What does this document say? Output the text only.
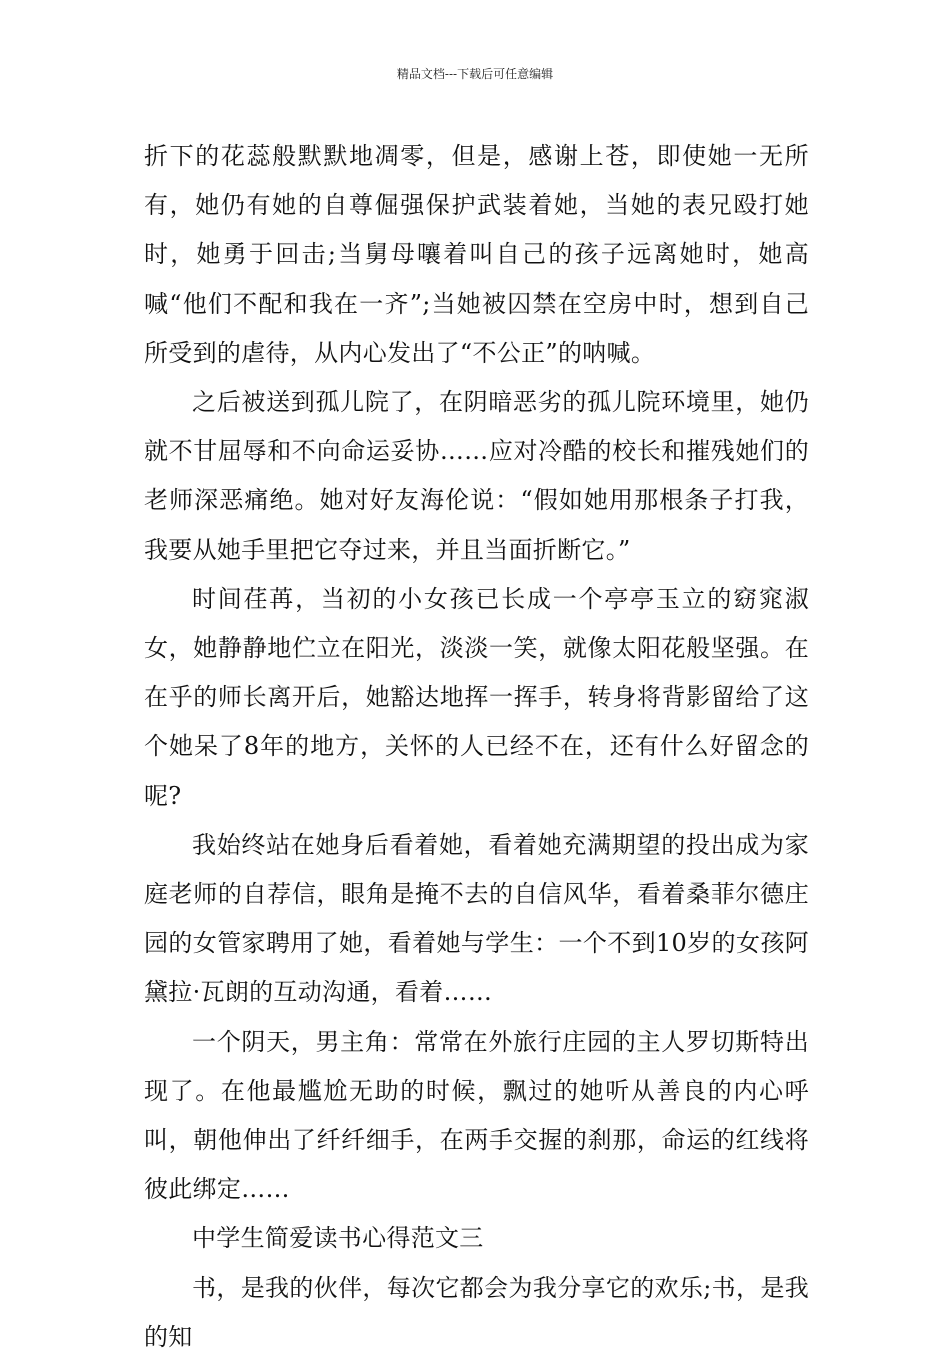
精品文档---下载后可任意编辑

折下的花蕊般默默地凋零，但是，感谢上苍，即使她一无所有，她仍有她的自尊倔强保护武装着她，当她的表兄殴打她时，她勇于回击;当舅母嚷着叫自己的孩子远离她时，她高喊“他们不配和我在一齐”;当她被囚禁在空房中时，想到自己所受到的虐待，从内心发出了“不公正”的呐喊。

之后被送到孤儿院了，在阴暗恶劣的孤儿院环境里，她仍就不甘屈辱和不向命运妥协……应对冷酷的校长和摧残她们的老师深恶痛绝。她对好友海伦说：“假如她用那根条子打我，我要从她手里把它夺过来，并且当面折断它。”

时间荏苒，当初的小女孩已长成一个亭亭玉立的窈窕淑女，她静静地伫立在阳光，淡淡一笑，就像太阳花般坚强。在在乎的师长离开后，她豁达地挥一挥手，转身将背影留给了这个她呆了8年的地方，关怀的人已经不在，还有什么好留念的呢?

我始终站在她身后看着她，看着她充满期望的投出成为家庭老师的自荐信，眼角是掩不去的自信风华，看着桑菲尔德庄园的女管家聘用了她，看着她与学生：一个不到10岁的女孩阿黛拉·瓦朗的互动沟通，看着……

一个阴天，男主角：常常在外旅行庄园的主人罗切斯特出现了。在他最尴尬无助的时候，飘过的她听从善良的内心呼叫，朝他伸出了纤纤细手，在两手交握的刹那，命运的红线将彼此绑定……

中学生简爱读书心得范文三

书，是我的伙伴，每次它都会为我分享它的欢乐;书，是我的知
